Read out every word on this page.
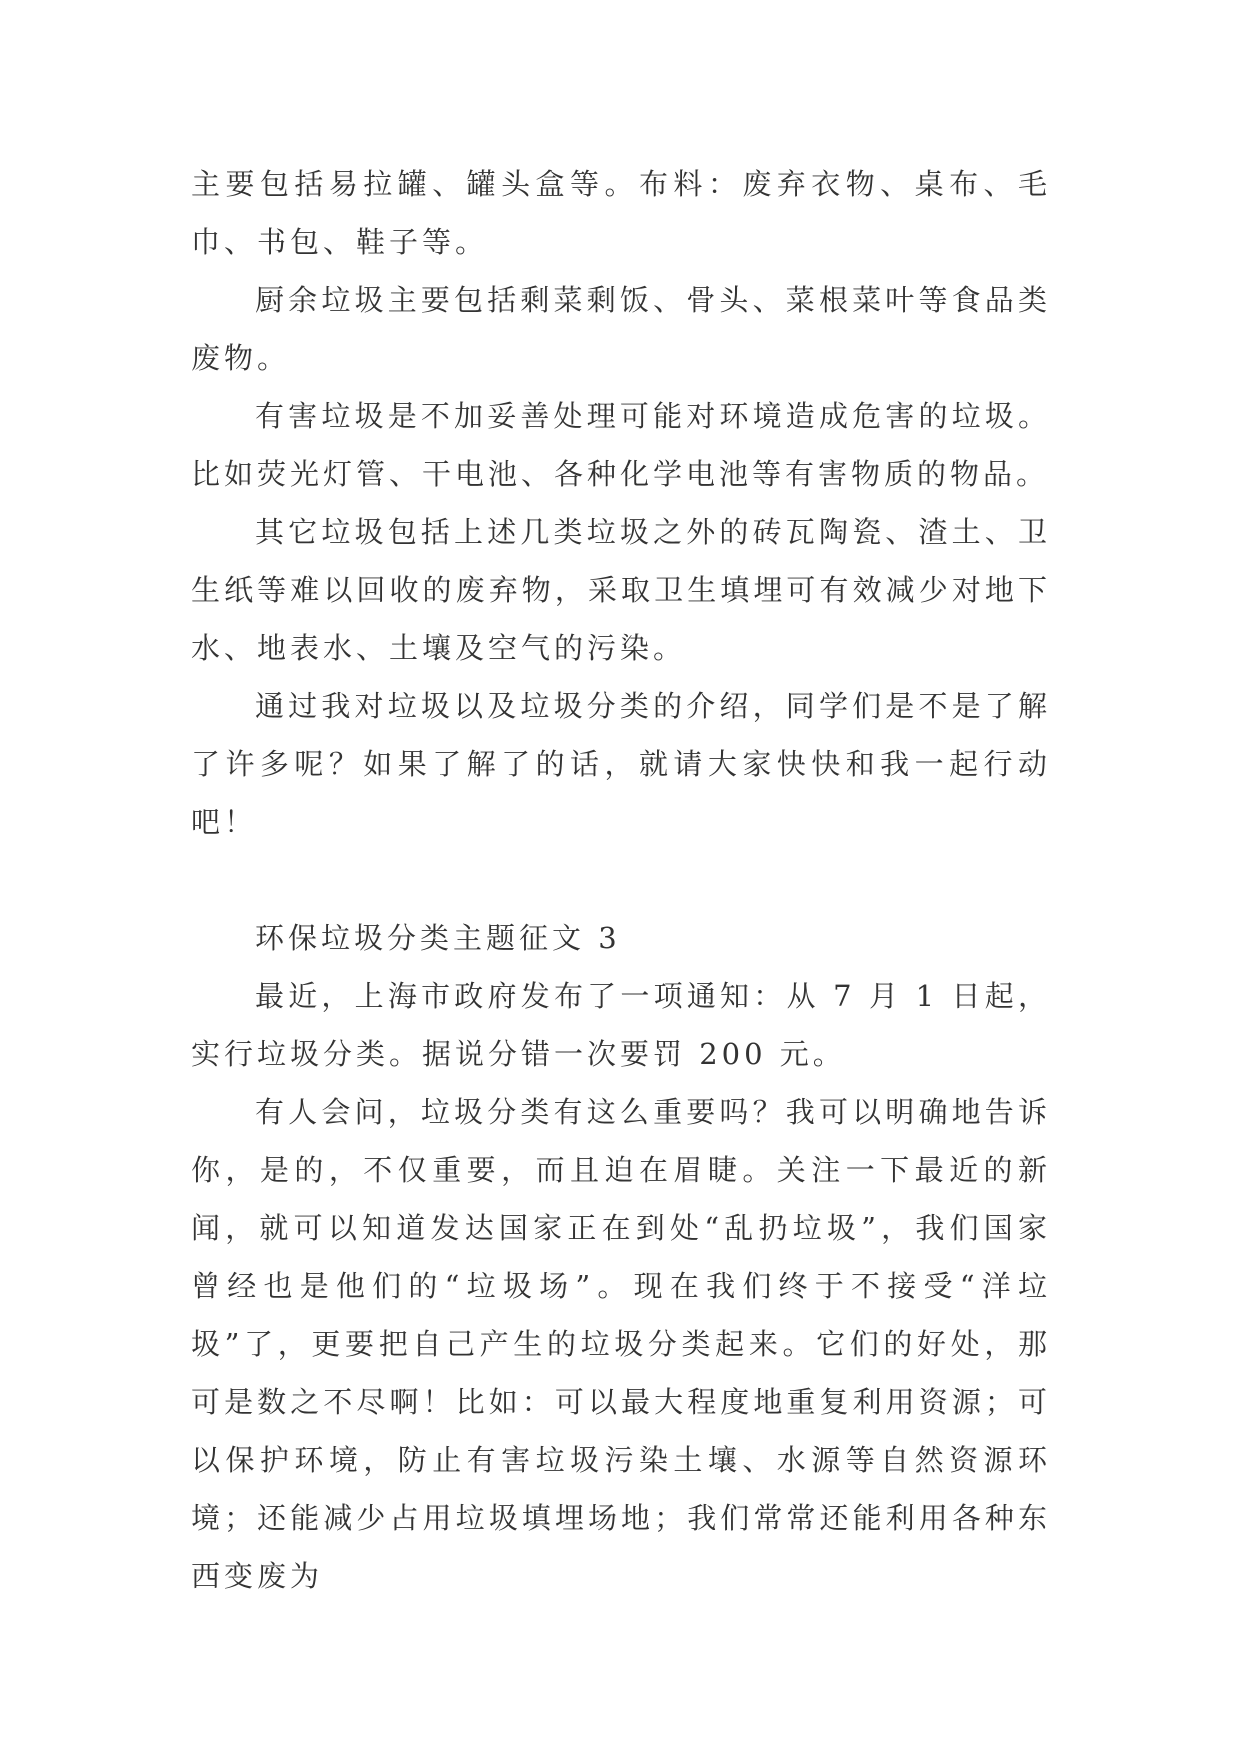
主要包括易拉罐、罐头盒等。布料：废弃衣物、桌布、毛巾、书包、鞋子等。

厨余垃圾主要包括剩菜剩饭、骨头、菜根菜叶等食品类废物。

有害垃圾是不加妥善处理可能对环境造成危害的垃圾。比如荧光灯管、干电池、各种化学电池等有害物质的物品。

其它垃圾包括上述几类垃圾之外的砖瓦陶瓷、渣土、卫生纸等难以回收的废弃物，采取卫生填埋可有效减少对地下水、地表水、土壤及空气的污染。

通过我对垃圾以及垃圾分类的介绍，同学们是不是了解了许多呢？如果了解了的话，就请大家快快和我一起行动吧！

环保垃圾分类主题征文 3

最近，上海市政府发布了一项通知：从 7 月 1 日起，实行垃圾分类。据说分错一次要罚 200 元。

有人会问，垃圾分类有这么重要吗？我可以明确地告诉你，是的，不仅重要，而且迫在眉睫。关注一下最近的新闻，就可以知道发达国家正在到处“乱扔垃圾”，我们国家曾经也是他们的“垃圾场”。现在我们终于不接受“洋垃圾”了，更要把自己产生的垃圾分类起来。它们的好处，那可是数之不尽啊！比如：可以最大程度地重复利用资源；可以保护环境，防止有害垃圾污染土壤、水源等自然资源环境；还能减少占用垃圾填埋场地；我们常常还能利用各种东西变废为
